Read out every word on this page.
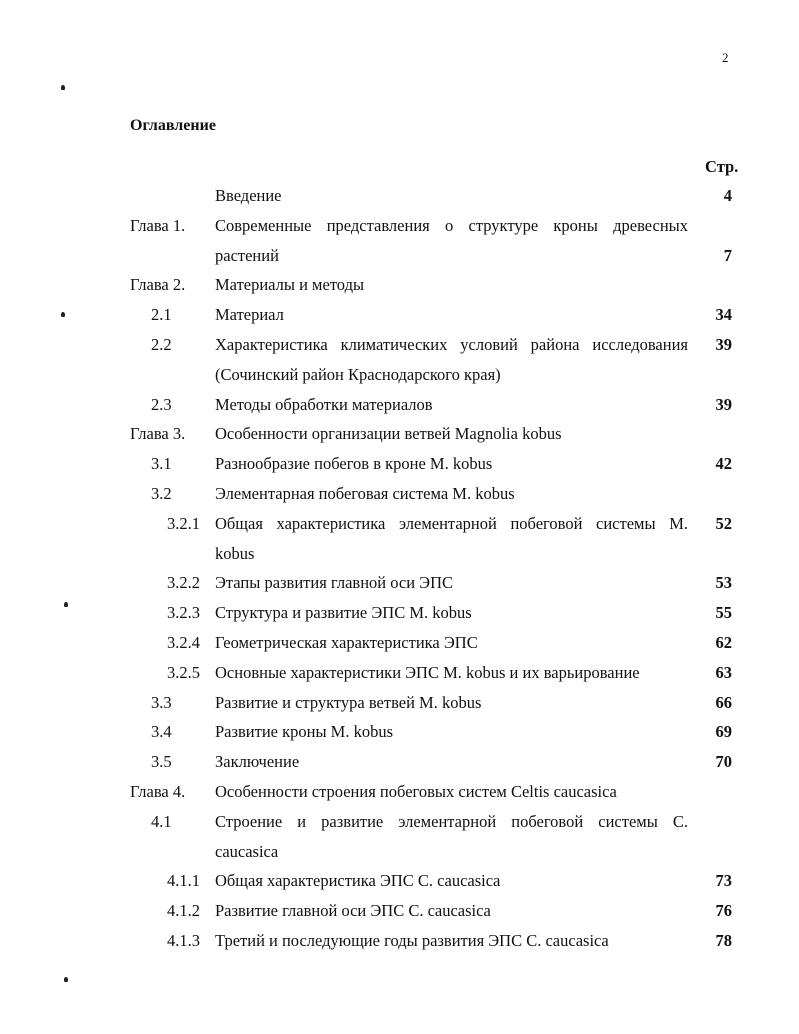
2
Оглавление
Стр.
Введение	4
Глава 1. Современные представления о структуре кроны древесных
растений	7
Глава 2. Материалы и методы
2.1	Материал	34
2.2	Характеристика климатических условий района исследования	39
(Сочинский район Краснодарского края)
2.3	Методы обработки материалов	39
Глава 3. Особенности организации ветвей Magnolia kobus
3.1	Разнообразие побегов в кроне M. kobus	42
3.2	Элементарная побеговая система M. kobus
3.2.1 Общая характеристика элементарной побеговой системы M.	52
kobus
3.2.2 Этапы развития главной оси ЭПС	53
3.2.3 Структура и развитие ЭПС M. kobus	55
3.2.4 Геометрическая характеристика ЭПС	62
3.2.5 Основные характеристики ЭПС M. kobus и их варьирование	63
3.3	Развитие и структура ветвей M. kobus	66
3.4	Развитие кроны M. kobus	69
3.5	Заключение	70
Глава 4. Особенности строения побеговых систем Celtis caucasica
4.1	Строение и развитие элементарной побеговой системы C.
caucasica
4.1.1 Общая характеристика ЭПС C. caucasica	73
4.1.2 Развитие главной оси ЭПС C. caucasica	76
4.1.3 Третий и последующие годы развития ЭПС C. caucasica	78
